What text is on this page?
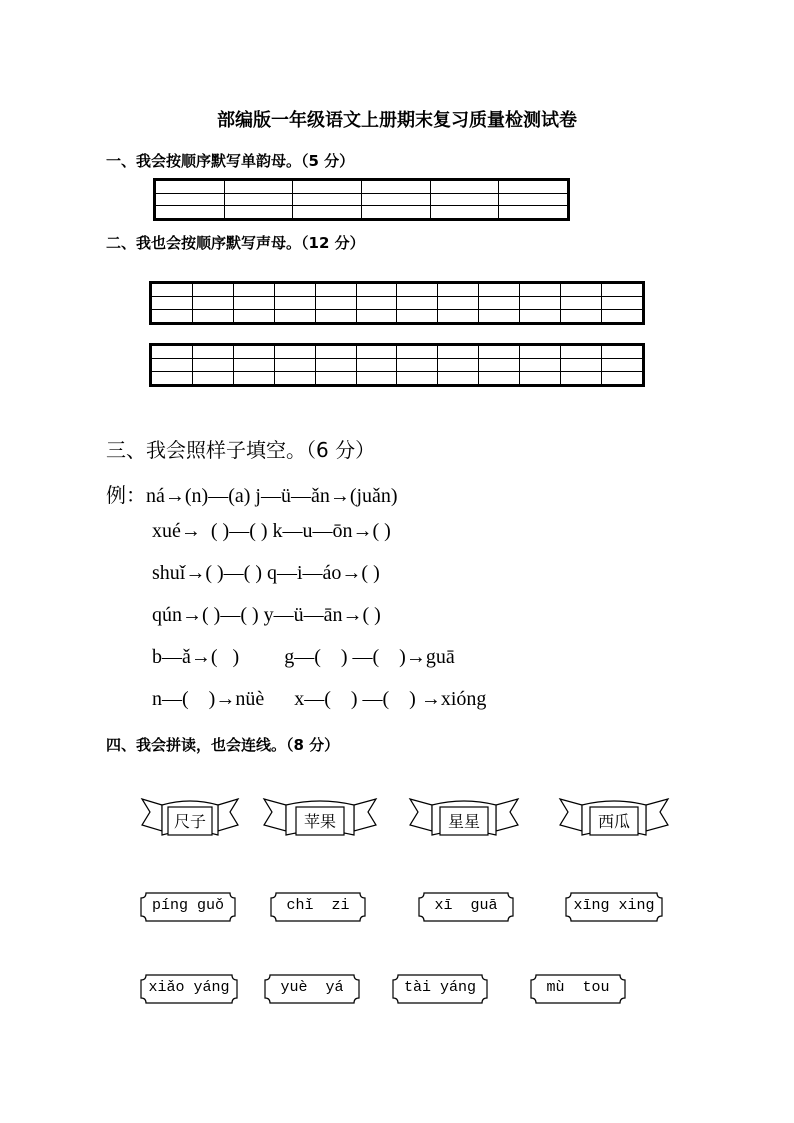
部编版一年级语文上册期末复习质量检测试卷
一、我会按顺序默写单韵母。（5 分）

二、我也会按顺序默写声母。（12 分）

三、我会照样子填空。（6 分）
例：ná→(n)—(a) j—ü—ǎn→(juǎn)
xué→  ( )—( ) k—u—ōn→( )
shuǐ→( )—( ) q—i—áo→( )
qún→( )—( ) y—ü—ān→( )
b—ǎ→(   )         g—(    ) —(    )→guā
n—(    )→nüè      x—(    ) —(    ) →xióng
四、我会拼读，也会连线。（8 分）
尺子	苹果	星星	西瓜
píng guǒ	chǐ  zi	xī  guā	xīng xing
xiǎo yáng	yuè  yá	tài yáng	mù  tou
